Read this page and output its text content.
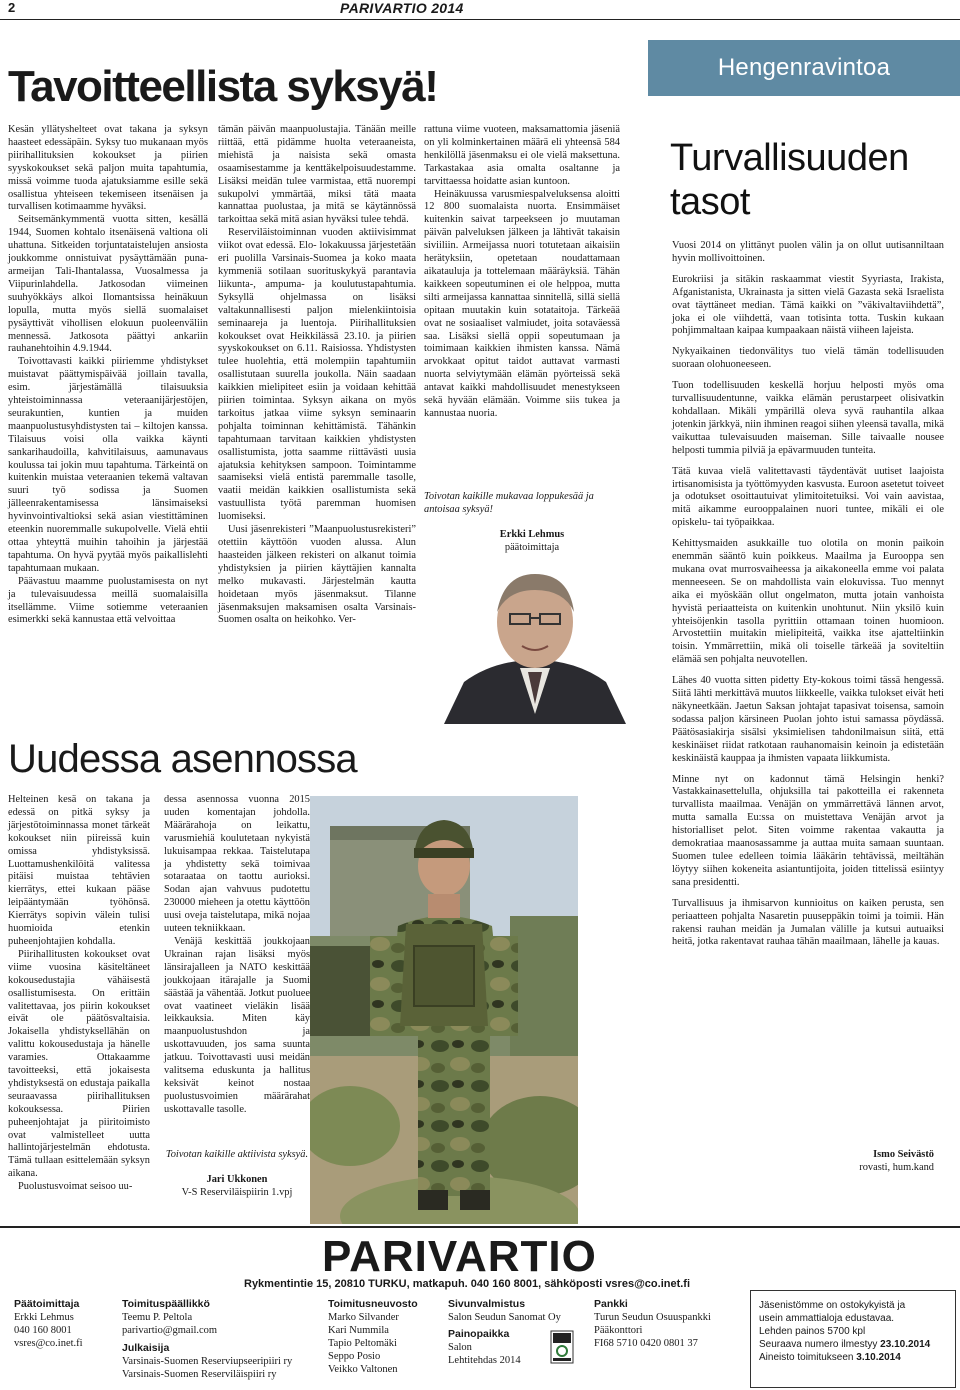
2	PARIVARTIO 2014
Tavoitteellista syksyä!

Kesän yllätyshelteet ovat takana ja syksyn haasteet edessäpäin. Syksy tuo mukanaan myös piirihallituksien kokoukset ja piirien syyskokoukset sekä paljon muita tapahtumia, missä voimme tuoda ajatuksiamme esille sekä osallistua yhteiseen tekemiseen itsenäisen ja turvallisen kotimaamme hyväksi.

Seitsemänkymmentä vuotta sitten, kesällä 1944, Suomen kohtalo itsenäisenä valtiona oli uhattuna. Sitkeiden torjuntataistelujen ansiosta joukkomme onnistuivat pysäyttämään puna-armeijan Tali-Ihantalassa, Vuosalmessa ja Viipurinlahdella. Jatkosodan viimeinen suuhyökkäys alkoi Ilomantsissa heinäkuun lopulla, mutta myös siellä suomalaiset pysäyttivät vihollisen elokuun puoleenväliin mennessä. Jatkosota päättyi ankariin rauhanehtoihin 4.9.1944.

Toivottavasti kaikki piiriemme yhdistykset muistavat päättymispäivää joillain tavalla, esim. järjestämällä tilaisuuksia yhteistoiminnassa veteraanijärjestöjen, seurakuntien, kuntien ja muiden maanpuolustusyhdistysten tai – kiltojen kanssa. Tilaisuus voisi olla vaikka käynti sankarihaudoilla, kahvitilaisuus, aamunavaus koulussa tai jokin muu tapahtuma. Tärkeintä on kuitenkin muistaa veteraanien tekemä valtavan suuri työ sodissa ja Suomen jälleenrakentamisessa länsimaiseksi hyvinvointivaltioksi sekä asian viestittäminen eteenkin nuoremmalle sukupolvelle. Vielä ehtii ottaa yhteyttä muihin tahoihin ja järjestää tapahtuma. On hyvä pyytää myös paikallislehti tapahtumaan mukaan.

Päävastuu maamme puolustamisesta on nyt ja tulevaisuudessa meillä suomalaisilla itsellämme. Viime sotiemme veteraanien esimerkki sekä kannustaa että velvoittaa

tämän päivän maanpuolustajia. Tänään meille riittää, että pidämme huolta veteraaneista, miehistä ja naisista sekä omasta osaamisestamme ja kenttäkelpoisuudestamme. Lisäksi meidän tulee varmistaa, että nuorempi sukupolvi ymmärtää, miksi tätä maata kannattaa puolustaa, ja mitä se käytännössä tarkoittaa sekä mitä asian hyväksi tulee tehdä.

Reserviläistoiminnan vuoden aktiivisimmat viikot ovat edessä. Elo- lokakuussa järjestetään eri puolilla Varsinais-Suomea ja koko maata kymmeniä sotilaan suorituskykyä parantavia liikunta-, ampuma- ja koulutustapahtumia. Syksyllä ohjelmassa on lisäksi valtakunnallisesti paljon mielenkiintoisia seminaareja ja luentoja. Piirihallituksien kokoukset ovat Heikkilässä 23.10. ja piirien syyskokoukset on 6.11. Raisiossa. Yhdistysten tulee huolehtia, että molempiin tapahtumiin osallistutaan suurella joukolla. Näin saadaan kaikkien mielipiteet esiin ja voidaan kehittää piirien toimintaa. Syksyn aikana on myös tarkoitus jatkaa viime syksyn seminaarin pohjalta toiminnan kehittämistä. Tähänkin tapahtumaan tarvitaan kaikkien yhdistysten osallistumista, jotta saamme riittävästi uusia ajatuksia kehityksen sampoon. Toimintamme saamiseksi vielä entistä paremmalle tasolle, vaatii meidän kaikkien osallistumista sekä vastuullista työtä paremman huomisen luomiseksi.

Uusi jäsenrekisteri ”Maanpuolustusrekisteri” otettiin käyttöön vuoden alussa. Alun haasteiden jälkeen rekisteri on alkanut toimia yhdistyksien ja piirien käyttäjien kannalta melko mukavasti. Järjestelmän kautta hoidetaan myös jäsenmaksut. Tilanne jäsenmaksujen maksamisen osalta Varsinais-Suomen osalta on heikohko. Ver-

rattuna viime vuoteen, maksamattomia jäseniä on yli kolminkertainen määrä eli yhteensä 584 henkilöllä jäsenmaksu ei ole vielä maksettuna. Tarkastakaa asia omalta osaltanne ja tarvittaessa hoidatte asian kuntoon.

Heinäkuussa varusmiespalveluksensa aloitti 12 800 suomalaista nuorta. Ensimmäiset kuitenkin saivat tarpeekseen jo muutaman päivän palveluksen jälkeen ja lähtivät takaisin siviiliin. Armeijassa nuori totutetaan aikaisiin herätyksiin, opetetaan noudattamaan aikatauluja ja tottelemaan määräyksiä. Tähän kaikkeen sopeutuminen ei ole helppoa, mutta silti armeijassa kannattaa sinnitellä, sillä siellä opitaan muutakin kuin sotataitoja. Tärkeää ovat ne sosiaaliset valmiudet, joita sotaväessä saa. Lisäksi siellä oppii sopeutumaan ja toimimaan kaikkien ihmisten kanssa. Nämä arvokkaat opitut taidot auttavat varmasti nuorta selviytymään elämän pyörteissä sekä antavat kaikki mahdollisuudet menestykseen sekä hyvään elämään. Voimme siis tukea ja kannustaa nuoria.

Toivotan kaikille mukavaa loppukesää ja antoisaa syksyä!
Erkki Lehmus
päätoimittaja
Hengenravintoa
Turvallisuuden
tasot

Vuosi 2014 on ylittänyt puolen välin ja on ollut uutisanniltaan hyvin mollivoittoinen.

Eurokriisi ja sitäkin raskaammat viestit Syyriasta, Irakista, Afganistanista, Ukrainasta ja sitten vielä Gazasta sekä Israelista ovat täyttäneet median. Tämä kaikki on ”väkivaltaviihdettä”, joka ei ole viihdettä, vaan totisinta totta. Tuskin kukaan pohjimmaltaan kaipaa kumpaakaan näistä viiheen lajeista.

Nykyaikainen tiedonvälitys tuo vielä tämän todellisuuden suoraan olohuoneeseen.

Tuon todellisuuden keskellä horjuu helposti myös oma turvallisuudentunne, vaikka elämän perustarpeet olisivatkin kohdallaan. Mikäli ympärillä oleva syvä rauhantila alkaa jotenkin järkkyä, niin ihminen reagoi siihen yleensä tavalla, mikä vaikuttaa tulevaisuuden maiseman. Sille taivaalle nousee helposti tummia pilviä ja epävarmuuden tunteita.

Tätä kuvaa vielä valitettavasti täydentävät uutiset laajoista irtisanomisista ja työttömyyden kasvusta. Euroon asetetut toiveet ja odotukset osoittautuivat ylimitoitetuiksi. Voi vain aavistaa, mitä aikamme eurooppalainen nuori tuntee, mikäli ei ole opiskelu- tai työpaikkaa.

Kehittysmaiden asukkaille tuo olotila on monin paikoin enemmän sääntö kuin poikkeus. Maailma ja Eurooppa sen mukana ovat murrosvaiheessa ja aikakoneella emme voi palata menneeseen. Se on mahdollista vain elokuvissa. Tuo mennyt aika ei myöskään ollut ongelmaton, mutta jotain vanhoista hyvistä periaatteista on kuitenkin unohtunut. Niin yksilö kuin yhteisöjenkin tasolla pyrittiin ottamaan toinen huomioon. Arvostettiin muitakin mielipiteitä, vaikka itse ajatteltiinkin toisin. Ymmärrettiin, mikä oli toiselle tärkeää ja soviteltiin elämää sen pohjalta neuvotellen.

Lähes 40 vuotta sitten pidetty Ety-kokous toimi tässä hengessä. Siitä lähti merkittävä muutos liikkeelle, vaikka tulokset eivät heti näkyneetkään. Jaetun Saksan johtajat tapasivat toisensa, samoin sodassa paljon kärsineen Puolan johto istui samassa pöydässä. Päätösasiakirja sisälsi yksimielisen tahdonilmaisun siitä, että keskinäiset riidat ratkotaan rauhanomaisin keinoin ja edistetään keskinäistä kauppaa ja ihmisten vapaata liikkumista.

Minne nyt on kadonnut tämä Helsingin henki? Vastakkainasettelulla, ohjuksilla tai pakotteilla ei rakenneta turvallista maailmaa. Venäjän on ymmärrettävä lännen arvot, mutta samalla Eu:ssa on muistettava Venäjän arvot ja historialliset pelot. Siten voimme rakentaa vakautta ja demokratiaa maanosassamme ja auttaa muita samaan suuntaan. Suomen tulee edelleen toimia lääkärin tehtävissä, meiltähän löytyy siihen kokeneita asiantuntijoita, joiden tittelissä esiintyy sana presidentti.

Turvallisuus ja ihmisarvon kunnioitus on kaiken perusta, sen periaatteen pohjalta Nasaretin puuseppäkin toimi ja toimii. Hän rakensi rauhan meidän ja Jumalan välille ja kutsui autuaiksi heitä, jotka rakentavat rauhaa tähän maailmaan, lähelle ja kauas.

Ismo Seivästö
rovasti, hum.kand
Uudessa asennossa

Helteinen kesä on takana ja edessä on pitkä syksy ja järjestötoiminnassa monet tärkeät kokoukset niin piireissä kuin omissa yhdistyksissä. Luottamushenkilöitä valitessa pitäisi muistaa tehtävien kierrätys, ettei kukaan pääse leipääntymään työhönsä. Kierrätys sopivin välein tulisi huomioida etenkin puheenjohtajien kohdalla.

Piirihallitusten kokoukset ovat viime vuosina käsiteltäneet kokousedustajia vähäisestä osallistumisesta. On erittäin valitettavaa, jos piirin kokoukset eivät ole päätösvaltaisia. Jokaisella yhdistyksellähän on valittu kokousedustaja ja hänelle varamies. Ottakaamme tavoitteeksi, että jokaisesta yhdistyksestä on edustaja paikalla seuraavassa piirihallituksen kokouksessa. Piirien puheenjohtajat ja piiritoimisto ovat valmistelleet uutta hallintojärjestelmän ehdotusta. Tämä tullaan esittelemään syksyn aikana.

Puolustusvoimat seisoo uu-

dessa asennossa vuonna 2015 uuden komentajan johdolla. Määrärahoja on leikattu, varusmiehiä koulutetaan nykyistä lukuisampaa rekkaa. Taistelutapa ja yhdistetty sekä toimivaa sotaraataa on taottu aurioksi. Sodan ajan vahvuus pudotettu 230000 mieheen ja otettu käyttöön uusi oveja taistelutapa, mikä nojaa uuteen tekniikkaan.

Venäjä keskittää joukkojaan Ukrainan rajan lisäksi myös länsirajalleen ja NATO keskittää joukkojaan itärajalle ja Suomi säästää ja vähentää. Jotkut puoluee ovat vaatineet vieläkin lisää leikkauksia. Miten käy maanpuolustushdon ja uskottavuuden, jos sama suunta jatkuu. Toivottavasti uusi meidän valitsema eduskunta ja hallitus keksivät keinot nostaa puolustusvoimien määrärahat uskottavalle tasolle.

Toivotan kaikille aktiivista syksyä.
Jari Ukkonen
V-S Reserviläispiirin 1.vpj
PARIVARTIO
Rykmentintie 15, 20810 TURKU, matkapuh. 040 160 8001, sähköposti vsres@co.inet.fi
Päätoimittaja
Erkki Lehmus
040 160 8001
vsres@co.inet.fi
Toimituspäällikkö
Teemu P. Peltola
parivartio@gmail.com
Julkaisija
Varsinais-Suomen Reserviupseeripiiri ry
Varsinais-Suomen Reserviläispiiri ry
Toimitusneuvosto
Marko Silvander
Kari Nummila
Tapio Peltomäki
Seppo Posio
Veikko Valtonen
Sivunvalmistus
Salon Seudun Sanomat Oy
Painopaikka
Salon
Lehtitehdas 2014
Pankki
Turun Seudun Osuuspankki
Pääkonttori
FI68 5710 0420 0801 37
Jäsenistömme on ostokykyistä ja
usein ammattialoja edustavaa.
Lehden painos 5700 kpl
Seuraava numero ilmestyy 23.10.2014
Aineisto toimitukseen 3.10.2014
